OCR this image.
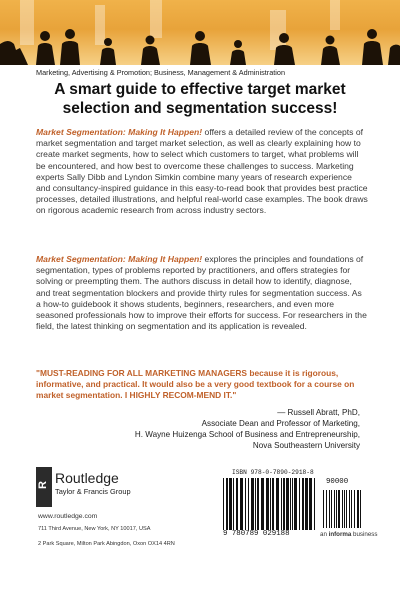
Marketing, Advertising & Promotion; Business, Management & Administration
A smart guide to effective target market selection and segmentation success!
Market Segmentation: Making It Happen! offers a detailed review of the concepts of market segmentation and target market selection, as well as clearly explaining how to create market segments, how to select which customers to target, what problems will be encountered, and how best to overcome these challenges to success. Marketing experts Sally Dibb and Lyndon Simkin combine many years of research experience and consultancy-inspired guidance in this easy-to-read book that provides best practice processes, detailed illustrations, and helpful real-world case examples. The book draws on rigorous academic research from across industry sectors.
Market Segmentation: Making It Happen! explores the principles and foundations of segmentation, types of problems reported by practitioners, and offers strategies for solving or preempting them. The authors discuss in detail how to identify, diagnose, and treat segmentation blockers and provide thirty rules for segmentation success. As a how-to guidebook it shows students, beginners, researchers, and even more seasoned professionals how to improve their efforts for success. For researchers in the field, the latest thinking on segmentation and its application is revealed.
"MUST-READING FOR ALL MARKETING MANAGERS because it is rigorous, informative, and practical. It would also be a very good textbook for a course on market segmentation. I HIGHLY RECOM-MEND IT."
— Russell Abratt, PhD,
Associate Dean and Professor of Marketing,
H. Wayne Huizenga School of Business and Entrepreneurship,
Nova Southeastern University
R
Routledge
Taylor & Francis Group
www.routledge.com
711 Third Avenue, New York, NY 10017, USA
2 Park Square, Milton Park Abingdon, Oxon OX14 4RN
ISBN 978-0-7890-2918-8
9 780789 029188
90000
an informa business
